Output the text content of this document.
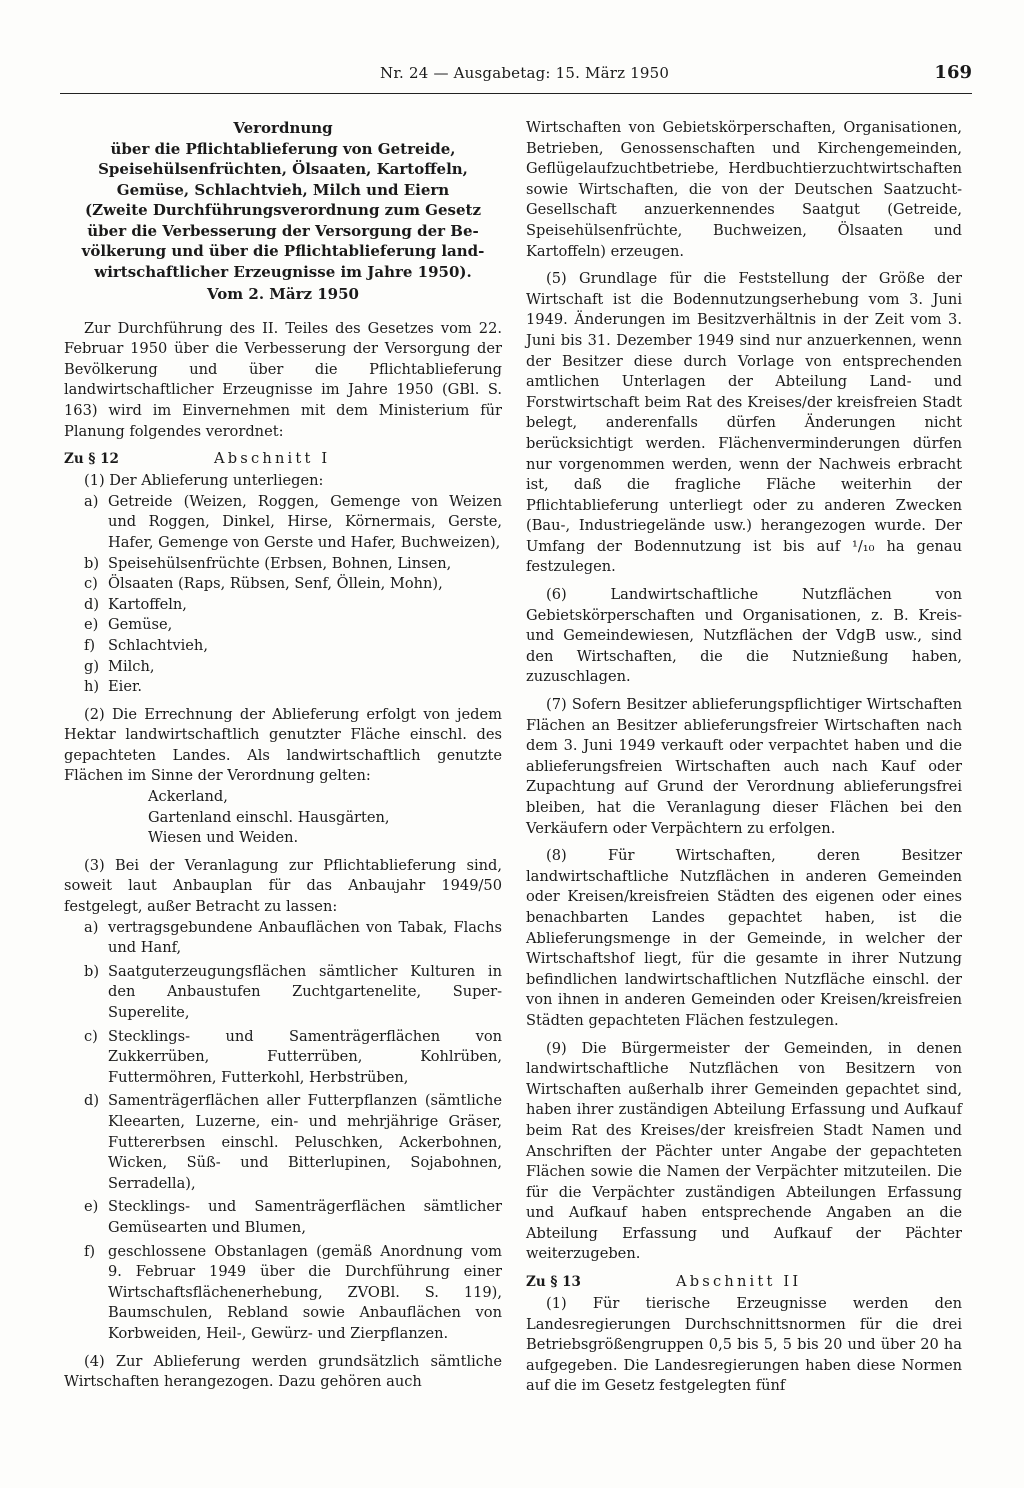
Nr. 24 — Ausgabetag: 15. März 1950	169

Verordnung

über die Pflichtablieferung von Getreide,

Speisehülsenfrüchten, Ölsaaten, Kartoffeln,

Gemüse, Schlachtvieh, Milch und Eiern

(Zweite Durchführungsverordnung zum Gesetz

über die Verbesserung der Versorgung der Be-

völkerung und über die Pflichtablieferung land-

wirtschaftlicher Erzeugnisse im Jahre 1950).

Vom 2. März 1950

Zur Durchführung des II. Teiles des Gesetzes vom 22. Februar 1950 über die Verbesserung der Versorgung der Bevölkerung und über die Pflichtablieferung landwirtschaftlicher Erzeugnisse im Jahre 1950 (GBl. S. 163) wird im Einvernehmen mit dem Ministerium für Planung folgendes verordnet:

Zu § 12	Abschnitt I

(1) Der Ablieferung unterliegen:

a) Getreide (Weizen, Roggen, Gemenge von Weizen und Roggen, Dinkel, Hirse, Körnermais, Gerste, Hafer, Gemenge von Gerste und Hafer, Buchweizen),
b) Speisehülsenfrüchte (Erbsen, Bohnen, Linsen,
c) Ölsaaten (Raps, Rübsen, Senf, Öllein, Mohn),
d) Kartoffeln,
e) Gemüse,
f) Schlachtvieh,
g) Milch,
h) Eier.

(2) Die Errechnung der Ablieferung erfolgt von jedem Hektar landwirtschaftlich genutzter Fläche einschl. des gepachteten Landes. Als landwirtschaftlich genutzte Flächen im Sinne der Verordnung gelten:

Ackerland,
Gartenland einschl. Hausgärten,
Wiesen und Weiden.

(3) Bei der Veranlagung zur Pflichtablieferung sind, soweit laut Anbauplan für das Anbaujahr 1949/50 festgelegt, außer Betracht zu lassen:

a) vertragsgebundene Anbauflächen von Tabak, Flachs und Hanf,
b) Saatguterzeugungsflächen sämtlicher Kulturen in den Anbaustufen Zuchtgartenelite, Super-Superelite,
c) Stecklings- und Samenträgerflächen von Zukkerrüben, Futterrüben, Kohlrüben, Futtermöhren, Futterkohl, Herbstrüben,
d) Samenträgerflächen aller Futterpflanzen (sämtliche Kleearten, Luzerne, ein- und mehrjährige Gräser, Futtererbsen einschl. Peluschken, Ackerbohnen, Wicken, Süß- und Bitterlupinen, Sojabohnen, Serradella),
e) Stecklings- und Samenträgerflächen sämtlicher Gemüsearten und Blumen,
f) geschlossene Obstanlagen (gemäß Anordnung vom 9. Februar 1949 über die Durchführung einer Wirtschaftsflächenerhebung, ZVOBl. S. 119), Baumschulen, Rebland sowie Anbauflächen von Korbweiden, Heil-, Gewürz- und Zierpflanzen.

(4) Zur Ablieferung werden grundsätzlich sämtliche Wirtschaften herangezogen. Dazu gehören auch

Wirtschaften von Gebietskörperschaften, Organisationen, Betrieben, Genossenschaften und Kirchengemeinden, Geflügelaufzuchtbetriebe, Herdbuchtierzuchtwirtschaften sowie Wirtschaften, die von der Deutschen Saatzucht-Gesellschaft anzuerkennendes Saatgut (Getreide, Speisehülsenfrüchte, Buchweizen, Ölsaaten und Kartoffeln) erzeugen.

(5) Grundlage für die Feststellung der Größe der Wirtschaft ist die Bodennutzungserhebung vom 3. Juni 1949. Änderungen im Besitzverhältnis in der Zeit vom 3. Juni bis 31. Dezember 1949 sind nur anzuerkennen, wenn der Besitzer diese durch Vorlage von entsprechenden amtlichen Unterlagen der Abteilung Land- und Forstwirtschaft beim Rat des Kreises/der kreisfreien Stadt belegt, anderenfalls dürfen Änderungen nicht berücksichtigt werden. Flächenverminderungen dürfen nur vorgenommen werden, wenn der Nachweis erbracht ist, daß die fragliche Fläche weiterhin der Pflichtablieferung unterliegt oder zu anderen Zwecken (Bau-, Industriegelände usw.) herangezogen wurde. Der Umfang der Bodennutzung ist bis auf ¹/₁₀ ha genau festzulegen.

(6) Landwirtschaftliche Nutzflächen von Gebietskörperschaften und Organisationen, z. B. Kreis- und Gemeindewiesen, Nutzflächen der VdgB usw., sind den Wirtschaften, die die Nutznießung haben, zuzuschlagen.

(7) Sofern Besitzer ablieferungspflichtiger Wirtschaften Flächen an Besitzer ablieferungsfreier Wirtschaften nach dem 3. Juni 1949 verkauft oder verpachtet haben und die ablieferungsfreien Wirtschaften auch nach Kauf oder Zupachtung auf Grund der Verordnung ablieferungsfrei bleiben, hat die Veranlagung dieser Flächen bei den Verkäufern oder Verpächtern zu erfolgen.

(8) Für Wirtschaften, deren Besitzer landwirtschaftliche Nutzflächen in anderen Gemeinden oder Kreisen/kreisfreien Städten des eigenen oder eines benachbarten Landes gepachtet haben, ist die Ablieferungsmenge in der Gemeinde, in welcher der Wirtschaftshof liegt, für die gesamte in ihrer Nutzung befindlichen landwirtschaftlichen Nutzfläche einschl. der von ihnen in anderen Gemeinden oder Kreisen/kreisfreien Städten gepachteten Flächen festzulegen.

(9) Die Bürgermeister der Gemeinden, in denen landwirtschaftliche Nutzflächen von Besitzern von Wirtschaften außerhalb ihrer Gemeinden gepachtet sind, haben ihrer zuständigen Abteilung Erfassung und Aufkauf beim Rat des Kreises/der kreisfreien Stadt Namen und Anschriften der Pächter unter Angabe der gepachteten Flächen sowie die Namen der Verpächter mitzuteilen. Die für die Verpächter zuständigen Abteilungen Erfassung und Aufkauf haben entsprechende Angaben an die Abteilung Erfassung und Aufkauf der Pächter weiterzugeben.

Zu § 13	Abschnitt II

(1) Für tierische Erzeugnisse werden den Landesregierungen Durchschnittsnormen für die drei Betriebsgrößengruppen 0,5 bis 5, 5 bis 20 und über 20 ha aufgegeben. Die Landesregierungen haben diese Normen auf die im Gesetz festgelegten fünf
